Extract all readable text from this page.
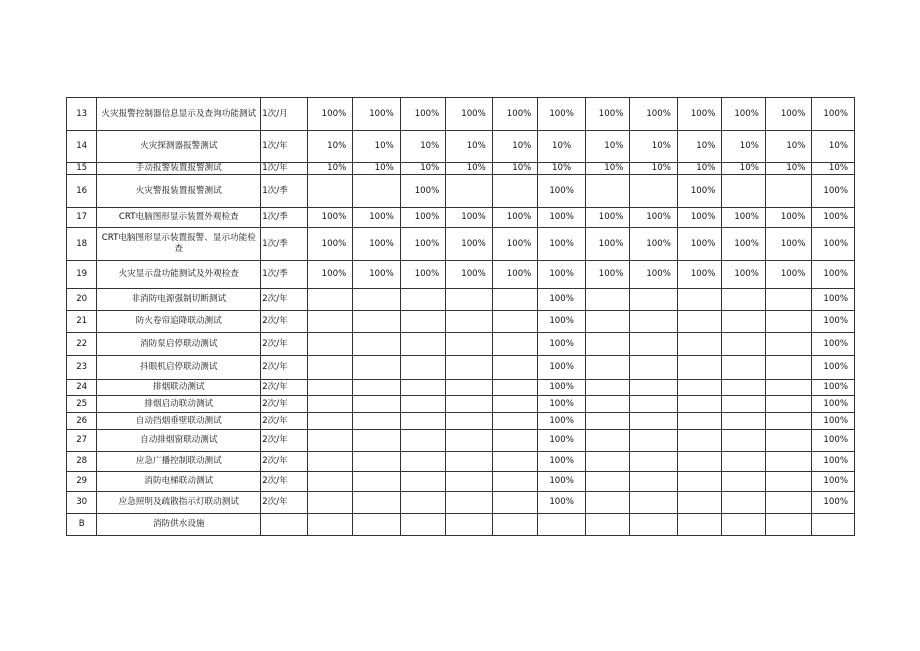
13	火灾报警控制器信息显示及查询功能测试	1次/月	100%	100%	100%	100%	100%	100%	100%	100%	100%	100%	100%	100%
14	火灾探测器报警测试	1次/年	10%	10%	10%	10%	10%	10%	10%	10%	10%	10%	10%	10%
15	手动报警装置报警测试	1次/年	10%	10%	10%	10%	10%	10%	10%	10%	10%	10%	10%	10%
16	火灾警报装置报警测试	1次/季			100%			100%			100%			100%
17	CRT电脑图形显示装置外观检查	1次/季	100%	100%	100%	100%	100%	100%	100%	100%	100%	100%	100%	100%
18	CRT电脑图形显示装置报警、显示功能检查	1次/季	100%	100%	100%	100%	100%	100%	100%	100%	100%	100%	100%	100%
19	火灾显示盘功能测试及外观检查	1次/季	100%	100%	100%	100%	100%	100%	100%	100%	100%	100%	100%	100%
20	非消防电源强制切断测试	2次/年						100%						100%
21	防火卷帘追降联动测试	2次/年						100%						100%
22	消防泵启停联动测试	2次/年						100%						100%
23	抖眼机启停联动测试	2次/年						100%						100%
24	排烟联动测试	2次/年						100%						100%
25	排烟启动联动测试	2次/年						100%						100%
26	自动挡烟垂壁联动测试	2次/年						100%						100%
27	自动排烟窗联动测试	2次/年						100%						100%
28	应急广播控制联动测试	2次/年						100%						100%
29	消防电梯联动测试	2次/年						100%						100%
30	应急照明及疏散指示灯联动测试	2次/年						100%						100%
B	消防供水设施													
